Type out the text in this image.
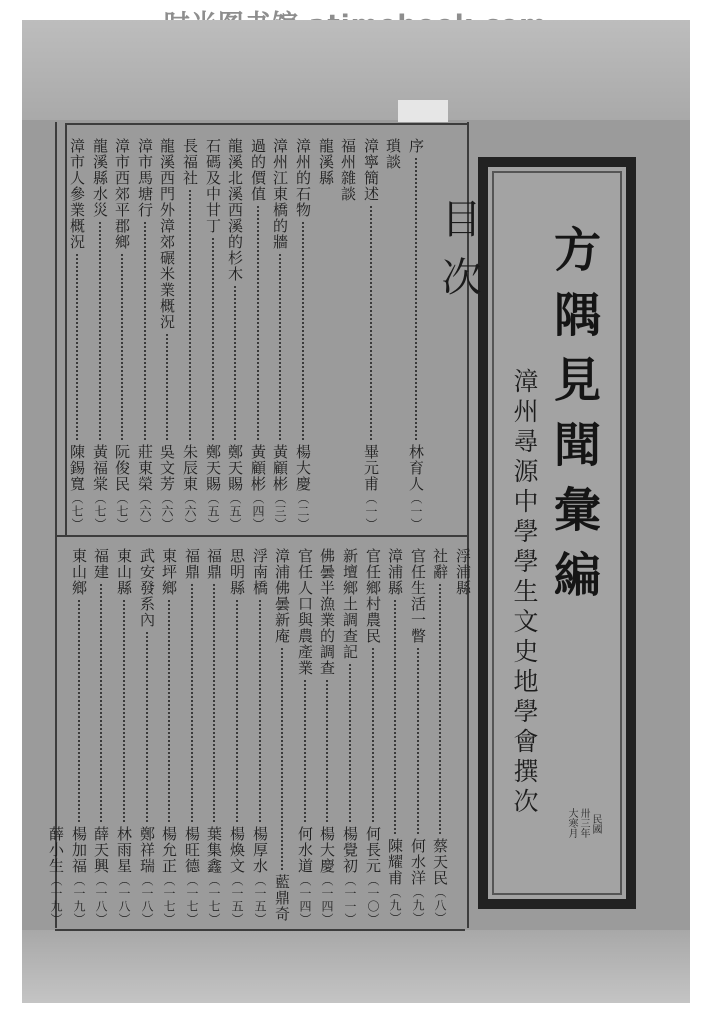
方隅見聞彙編
漳州尋源中學學生文史地學會撰次
民國
卅三年
大寒月
目次
序
林育人
（一）
瑣談
漳寧簡述
畢元甫
（一）
福州雜談
龍溪縣
漳州的石物
楊大慶
（二）
漳州江東橋的牆
黃顧彬
（三）
過的價值
黃顧彬
（四）
龍溪北溪西溪的杉木
鄭天賜
（五）
石碼及中甘丁
鄭天賜
（五）
長福社
朱辰東
（六）
龍溪西門外漳郊碾米業概況
吳文芳
（六）
漳市馬塘行
莊東榮
（六）
漳市西郊平郡鄉
阮俊民
（七）
龍溪縣水災
黃福棠
（七）
漳市人參業概況
陳錫寬
（七）
浮浦縣
社辭
蔡天民
（八）
官任生活一瞥
何水洋
（九）
漳浦縣
陳耀甫
（九）
官任鄉村農民
何長元
（一〇）
新壇鄉土調查記
楊覺初
（一一）
佛曇半漁業的調查
楊大慶
（一四）
官任人口與農產業
何水道
（一四）
漳浦佛曇新庵
藍鼎奇
浮南橋
楊厚水
（一五）
思明縣
楊煥文
（一五）
福鼎
葉集鑫
（一七）
福鼎
楊旺德
（一七）
東坪鄉
楊允正
（一七）
武安發系內
鄭祥瑞
（一八）
東山縣
林雨星
（一八）
福建
薛天興
（一八）
東山鄉
楊加福
（一九）
薛小生
（一九）
